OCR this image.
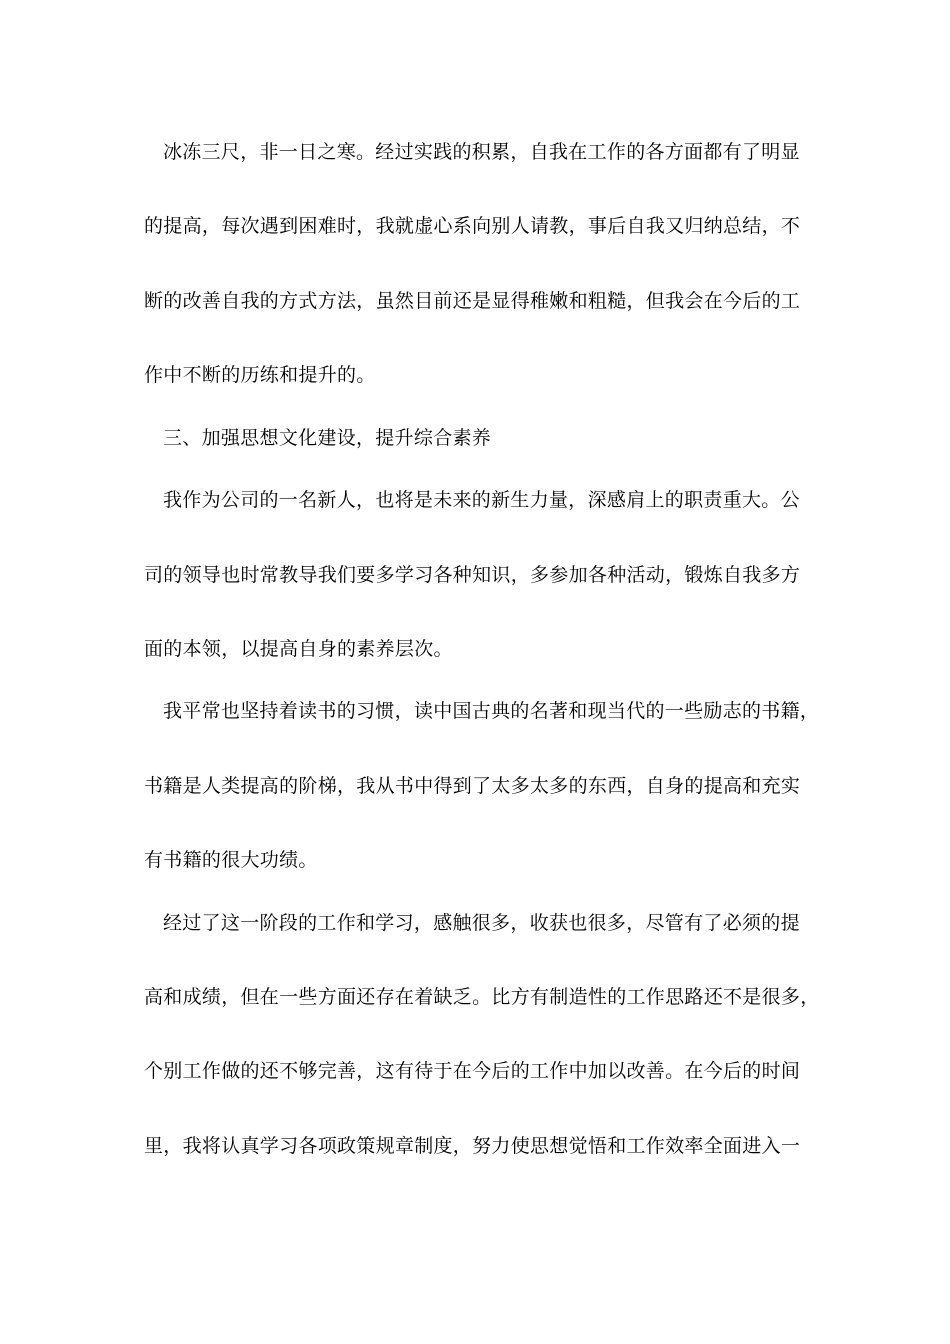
冰冻三尺，非一日之寒。经过实践的积累，自我在工作的各方面都有了明显
的提高，每次遇到困难时，我就虚心系向别人请教，事后自我又归纳总结，不
断的改善自我的方式方法，虽然目前还是显得稚嫩和粗糙，但我会在今后的工
作中不断的历练和提升的。
三、加强思想文化建设，提升综合素养
我作为公司的一名新人，也将是未来的新生力量，深感肩上的职责重大。公
司的领导也时常教导我们要多学习各种知识，多参加各种活动，锻炼自我多方
面的本领，以提高自身的素养层次。
我平常也坚持着读书的习惯，读中国古典的名著和现当代的一些励志的书籍，
书籍是人类提高的阶梯，我从书中得到了太多太多的东西，自身的提高和充实
有书籍的很大功绩。
经过了这一阶段的工作和学习，感触很多，收获也很多，尽管有了必须的提
高和成绩，但在一些方面还存在着缺乏。比方有制造性的工作思路还不是很多，
个别工作做的还不够完善，这有待于在今后的工作中加以改善。在今后的时间
里，我将认真学习各项政策规章制度，努力使思想觉悟和工作效率全面进入一
